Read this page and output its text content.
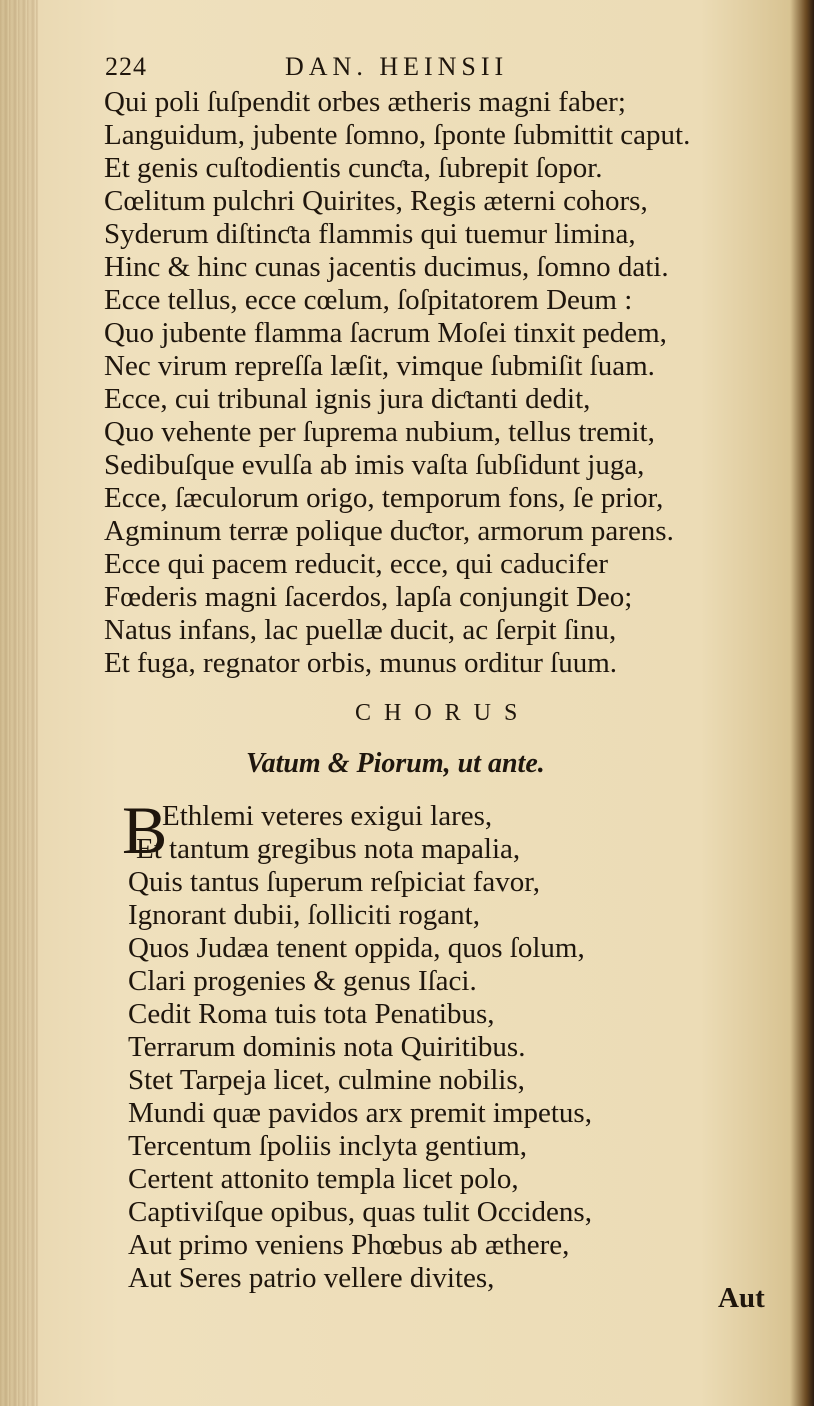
224	DAN. HEINSII
Qui poli ſuſpendit orbes ætheris magni faber;
Languidum, jubente ſomno, ſponte ſubmittit caput.
Et genis cuſtodientis cunƈta, ſubrepit ſopor.
Cœlitum pulchri Quirites, Regis æterni cohors,
Syderum diſtinƈta flammis qui tuemur limina,
Hinc & hinc cunas jacentis ducimus, ſomno dati.
Ecce tellus, ecce cœlum, ſoſpitatorem Deum :
Quo jubente flamma ſacrum Moſei tinxit pedem,
Nec virum repreſſa læſit, vimque ſubmiſit ſuam.
Ecce, cui tribunal ignis jura diƈtanti dedit,
Quo vehente per ſuprema nubium, tellus tremit,
Sedibuſque evulſa ab imis vaſta ſubſidunt juga,
Ecce, ſæculorum origo, temporum fons, ſe prior,
Agminum terræ polique duƈtor, armorum parens.
Ecce qui pacem reducit, ecce, qui caducifer
Fœderis magni ſacerdos, lapſa conjungit Deo;
Natus infans, lac puellæ ducit, ac ſerpit ſinu,
Et fuga, regnator orbis, munus orditur ſuum.
CHORUS
Vatum & Piorum, ut ante.
B
Ethlemi veteres exigui lares,
Et tantum gregibus nota mapalia,
Quis tantus ſuperum reſpiciat favor,
Ignorant dubii, ſolliciti rogant,
Quos Judæa tenent oppida, quos ſolum,
Clari progenies & genus Iſaci.
Cedit Roma tuis tota Penatibus,
Terrarum dominis nota Quiritibus.
Stet Tarpeja licet, culmine nobilis,
Mundi quæ pavidos arx premit impetus,
Tercentum ſpoliis inclyta gentium,
Certent attonito templa licet polo,
Captiviſque opibus, quas tulit Occidens,
Aut primo veniens Phœbus ab æthere,
Aut Seres patrio vellere divites,
Aut
